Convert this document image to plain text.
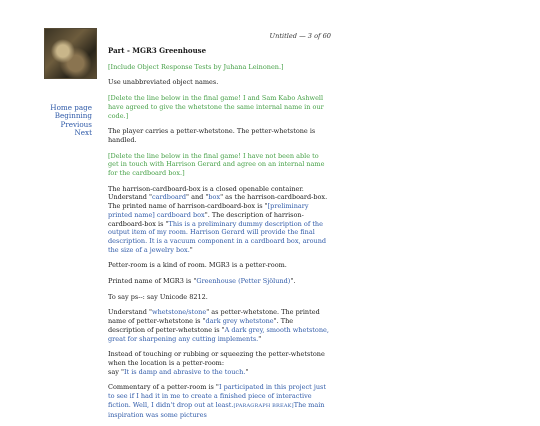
Home page
Beginning
Previous
Next
Untitled — 3 of 60

Part - MGR3 Greenhouse

[Include Object Response Tests by Juhana Leinonen.]

Use unabbreviated object names.

[Delete the line below in the final game! I and Sam Kabo Ashwell have agreed to give the whetstone the same internal name in our code.]

The player carries a petter-whetstone. The petter-whetstone is handled.

[Delete the line below in the final game! I have not been able to get in touch with Harrison Gerard and agree on an internal name for the cardboard box.]

The harrison-cardboard-box is a closed openable container. Understand "cardboard" and "box" as the harrison-cardboard-box. The printed name of harrison-cardboard-box is "[preliminary printed name] cardboard box". The description of harrison-cardboard-box is "This is a preliminary dummy description of the output item of my room. Harrison Gerard will provide the final description. It is a vacuum component in a cardboard box, around the size of a jewelry box."

Petter-room is a kind of room. MGR3 is a petter-room.

Printed name of MGR3 is "Greenhouse (Petter Sjölund)".

To say ps--: say Unicode 8212.

Understand "whetstone/stone" as petter-whetstone. The printed name of petter-whetstone is "dark grey whetstone". The description of petter-whetstone is "A dark grey, smooth whetstone, great for sharpening any cutting implements."

Instead of touching or rubbing or squeezing the petter-whetstone when the location is a petter-room:

say "It is damp and abrasive to the touch."

Commentary of a petter-room is "I participated in this project just to see if I had it in me to create a finished piece of interactive fiction. Well, I didn't drop out at least.[PARAGRAPH BREAK]The main inspiration was some pictures
